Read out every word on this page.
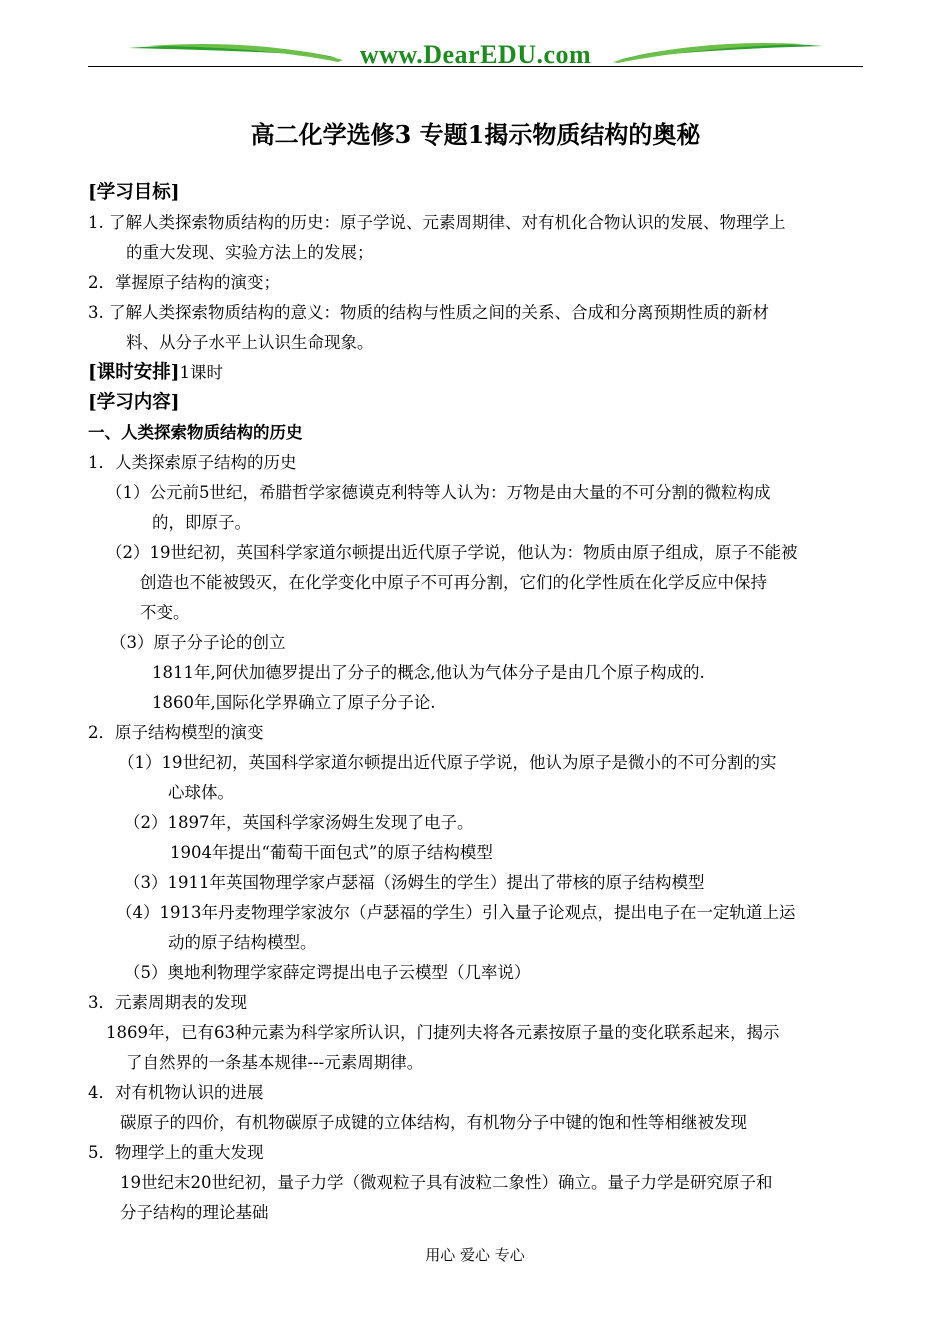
www.DearEDU.com
高二化学选修3 专题1揭示物质结构的奥秘
[学习目标]
1. 了解人类探索物质结构的历史：原子学说、元素周期律、对有机化合物认识的发展、物理学上
的重大发现、实验方法上的发展；
2．掌握原子结构的演变；
3. 了解人类探索物质结构的意义：物质的结构与性质之间的关系、合成和分离预期性质的新材
料、从分子水平上认识生命现象。
[课时安排]1课时
[学习内容]
一、人类探索物质结构的历史
1．人类探索原子结构的历史
（1）公元前5世纪，希腊哲学家德谟克利特等人认为：万物是由大量的不可分割的微粒构成
的，即原子。
（2）19世纪初，英国科学家道尔顿提出近代原子学说，他认为：物质由原子组成，原子不能被
创造也不能被毁灭，在化学变化中原子不可再分割，它们的化学性质在化学反应中保持
不变。
（3）原子分子论的创立
1811年,阿伏加德罗提出了分子的概念,他认为气体分子是由几个原子构成的.
1860年,国际化学界确立了原子分子论.
2．原子结构模型的演变
（1）19世纪初，英国科学家道尔顿提出近代原子学说，他认为原子是微小的不可分割的实
心球体。
（2）1897年，英国科学家汤姆生发现了电子。
1904年提出“葡萄干面包式”的原子结构模型
（3）1911年英国物理学家卢瑟福（汤姆生的学生）提出了带核的原子结构模型
（4）1913年丹麦物理学家波尔（卢瑟福的学生）引入量子论观点，提出电子在一定轨道上运
动的原子结构模型。
（5）奥地利物理学家薛定谔提出电子云模型（几率说）
3．元素周期表的发现
1869年，已有63种元素为科学家所认识，门捷列夫将各元素按原子量的变化联系起来，揭示
了自然界的一条基本规律---元素周期律。
4．对有机物认识的进展
碳原子的四价，有机物碳原子成键的立体结构，有机物分子中键的饱和性等相继被发现
5．物理学上的重大发现
19世纪末20世纪初，量子力学（微观粒子具有波粒二象性）确立。量子力学是研究原子和
分子结构的理论基础
用心 爱心 专心
